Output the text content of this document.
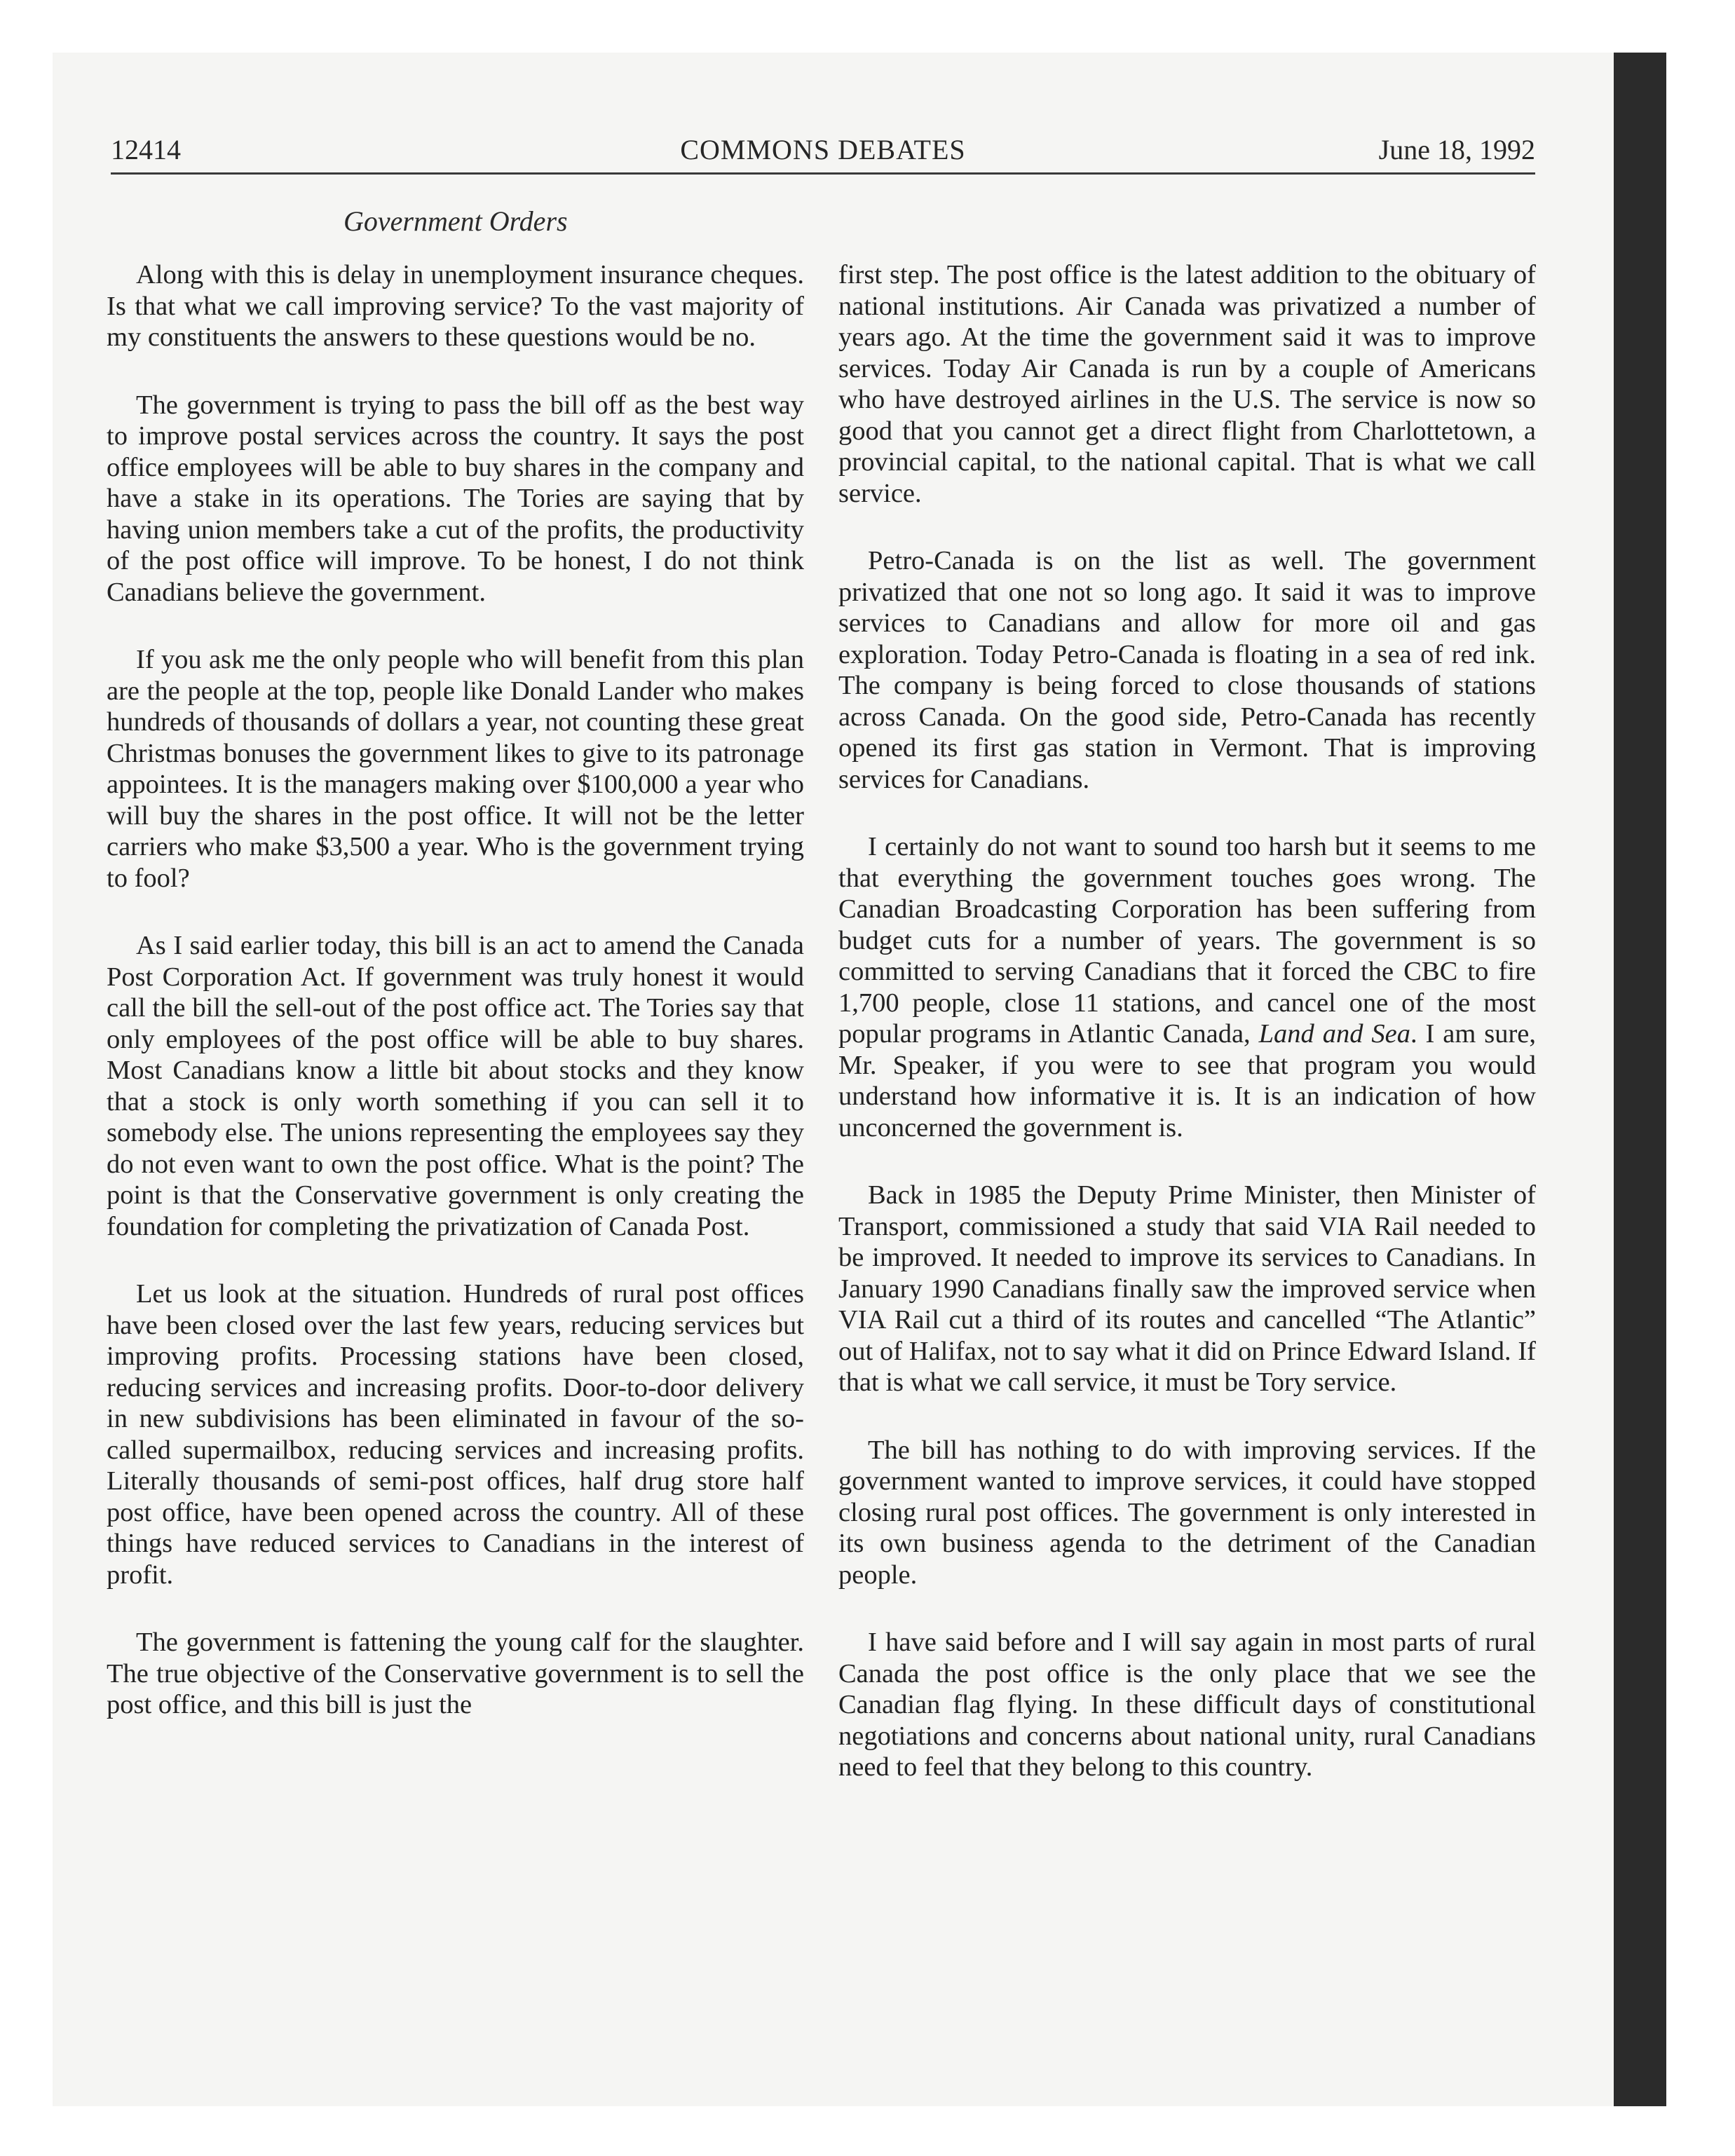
12414	COMMONS DEBATES	June 18, 1992
Government Orders

Along with this is delay in unemployment insurance cheques. Is that what we call improving service? To the vast majority of my constituents the answers to these questions would be no.

The government is trying to pass the bill off as the best way to improve postal services across the country. It says the post office employees will be able to buy shares in the company and have a stake in its operations. The Tories are saying that by having union members take a cut of the profits, the productivity of the post office will improve. To be honest, I do not think Canadians believe the government.

If you ask me the only people who will benefit from this plan are the people at the top, people like Donald Lander who makes hundreds of thousands of dollars a year, not counting these great Christmas bonuses the government likes to give to its patronage appointees. It is the managers making over $100,000 a year who will buy the shares in the post office. It will not be the letter carriers who make $3,500 a year. Who is the government trying to fool?

As I said earlier today, this bill is an act to amend the Canada Post Corporation Act. If government was truly honest it would call the bill the sell-out of the post office act. The Tories say that only employees of the post office will be able to buy shares. Most Canadians know a little bit about stocks and they know that a stock is only worth something if you can sell it to somebody else. The unions representing the employees say they do not even want to own the post office. What is the point? The point is that the Conservative government is only creating the foundation for completing the privatization of Canada Post.

Let us look at the situation. Hundreds of rural post offices have been closed over the last few years, reducing services but improving profits. Processing stations have been closed, reducing services and increasing profits. Door-to-door delivery in new subdivisions has been eliminated in favour of the so-called supermailbox, reducing services and increasing profits. Literally thousands of semi-post offices, half drug store half post office, have been opened across the country. All of these things have reduced services to Canadians in the interest of profit.

The government is fattening the young calf for the slaughter. The true objective of the Conservative government is to sell the post office, and this bill is just the

first step. The post office is the latest addition to the obituary of national institutions. Air Canada was privatized a number of years ago. At the time the government said it was to improve services. Today Air Canada is run by a couple of Americans who have destroyed airlines in the U.S. The service is now so good that you cannot get a direct flight from Charlottetown, a provincial capital, to the national capital. That is what we call service.

Petro-Canada is on the list as well. The government privatized that one not so long ago. It said it was to improve services to Canadians and allow for more oil and gas exploration. Today Petro-Canada is floating in a sea of red ink. The company is being forced to close thousands of stations across Canada. On the good side, Petro-Canada has recently opened its first gas station in Vermont. That is improving services for Canadians.

I certainly do not want to sound too harsh but it seems to me that everything the government touches goes wrong. The Canadian Broadcasting Corporation has been suffering from budget cuts for a number of years. The government is so committed to serving Canadians that it forced the CBC to fire 1,700 people, close 11 stations, and cancel one of the most popular programs in Atlantic Canada, Land and Sea. I am sure, Mr. Speaker, if you were to see that program you would understand how informative it is. It is an indication of how unconcerned the government is.

Back in 1985 the Deputy Prime Minister, then Minister of Transport, commissioned a study that said VIA Rail needed to be improved. It needed to improve its services to Canadians. In January 1990 Canadians finally saw the improved service when VIA Rail cut a third of its routes and cancelled “The Atlantic” out of Halifax, not to say what it did on Prince Edward Island. If that is what we call service, it must be Tory service.

The bill has nothing to do with improving services. If the government wanted to improve services, it could have stopped closing rural post offices. The government is only interested in its own business agenda to the detriment of the Canadian people.

I have said before and I will say again in most parts of rural Canada the post office is the only place that we see the Canadian flag flying. In these difficult days of constitutional negotiations and concerns about national unity, rural Canadians need to feel that they belong to this country.
